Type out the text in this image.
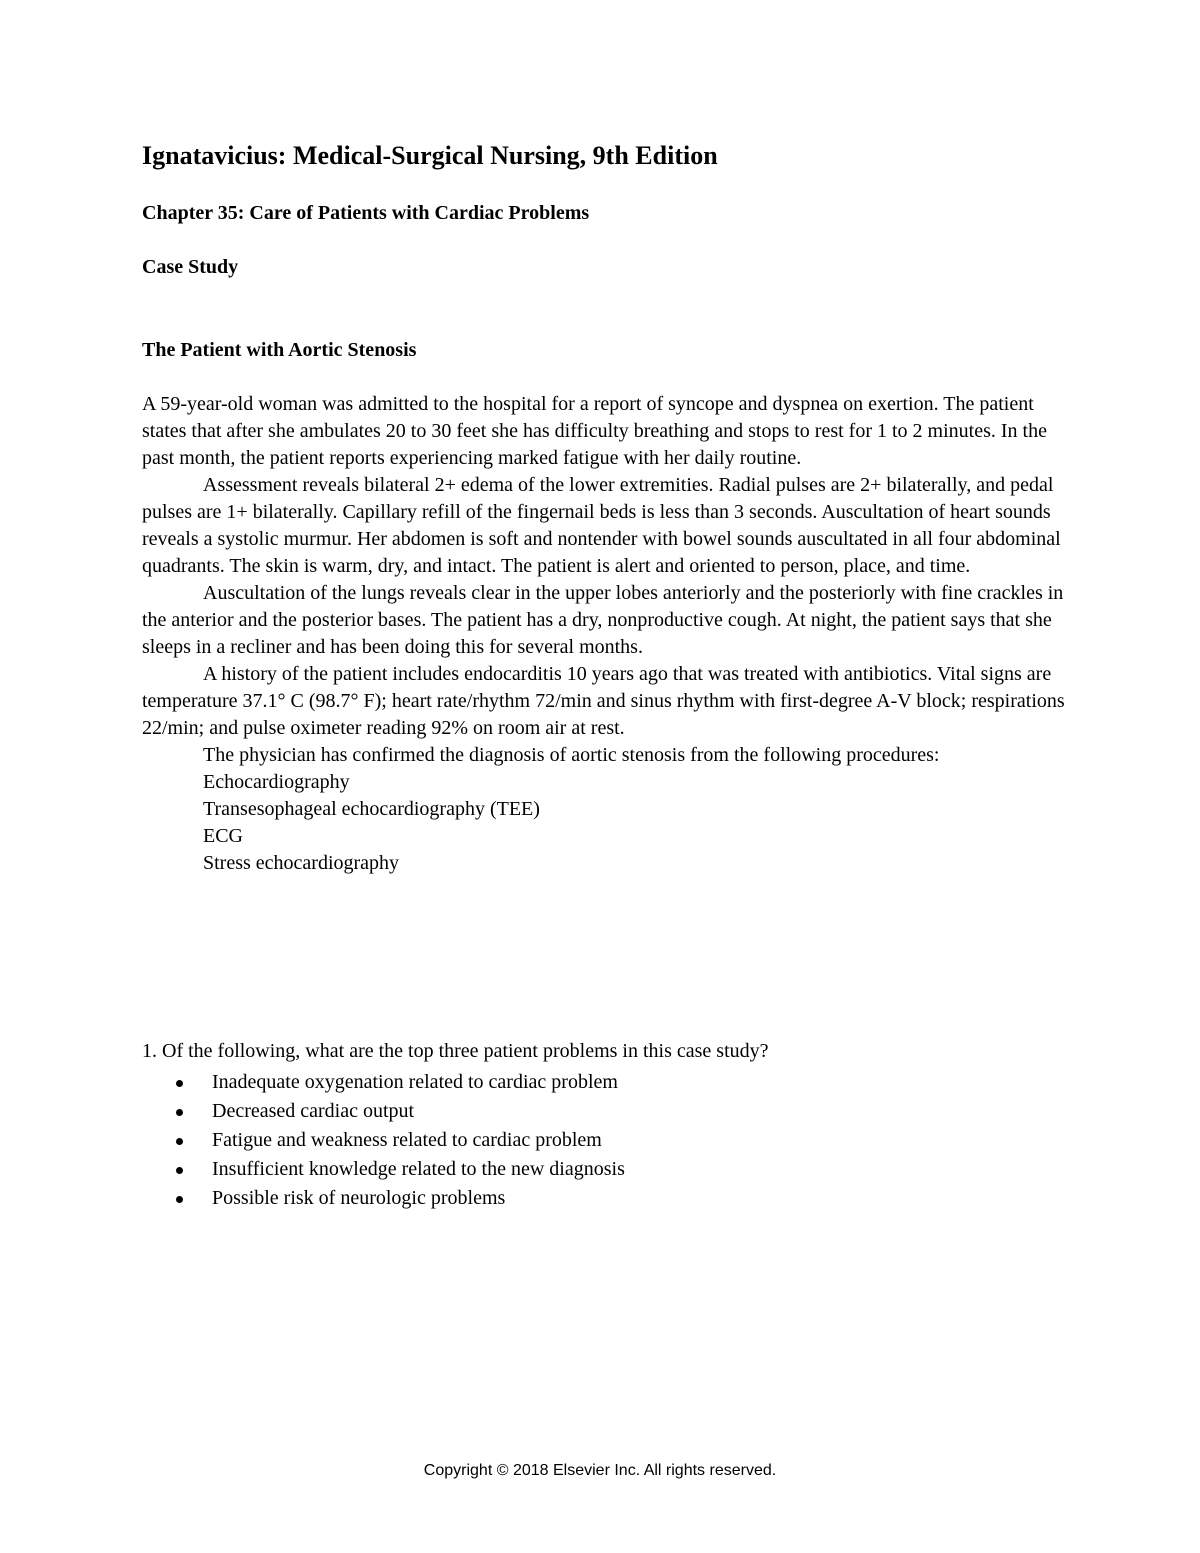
Ignatavicius: Medical-Surgical Nursing, 9th Edition
Chapter 35: Care of Patients with Cardiac Problems
Case Study
The Patient with Aortic Stenosis

A 59-year-old woman was admitted to the hospital for a report of syncope and dyspnea on exertion. The patient states that after she ambulates 20 to 30 feet she has difficulty breathing and stops to rest for 1 to 2 minutes. In the past month, the patient reports experiencing marked fatigue with her daily routine.

Assessment reveals bilateral 2+ edema of the lower extremities. Radial pulses are 2+ bilaterally, and pedal pulses are 1+ bilaterally. Capillary refill of the fingernail beds is less than 3 seconds. Auscultation of heart sounds reveals a systolic murmur. Her abdomen is soft and nontender with bowel sounds auscultated in all four abdominal quadrants. The skin is warm, dry, and intact. The patient is alert and oriented to person, place, and time.

Auscultation of the lungs reveals clear in the upper lobes anteriorly and the posteriorly with fine crackles in the anterior and the posterior bases. The patient has a dry, nonproductive cough. At night, the patient says that she sleeps in a recliner and has been doing this for several months.

A history of the patient includes endocarditis 10 years ago that was treated with antibiotics. Vital signs are temperature 37.1° C (98.7° F); heart rate/rhythm 72/min and sinus rhythm with first-degree A-V block; respirations 22/min; and pulse oximeter reading 92% on room air at rest.

The physician has confirmed the diagnosis of aortic stenosis from the following procedures:

Echocardiography
Transesophageal echocardiography (TEE)
ECG
Stress echocardiography
1. Of the following, what are the top three patient problems in this case study?
Inadequate oxygenation related to cardiac problem
Decreased cardiac output
Fatigue and weakness related to cardiac problem
Insufficient knowledge related to the new diagnosis
Possible risk of neurologic problems
Copyright © 2018 Elsevier Inc. All rights reserved.
